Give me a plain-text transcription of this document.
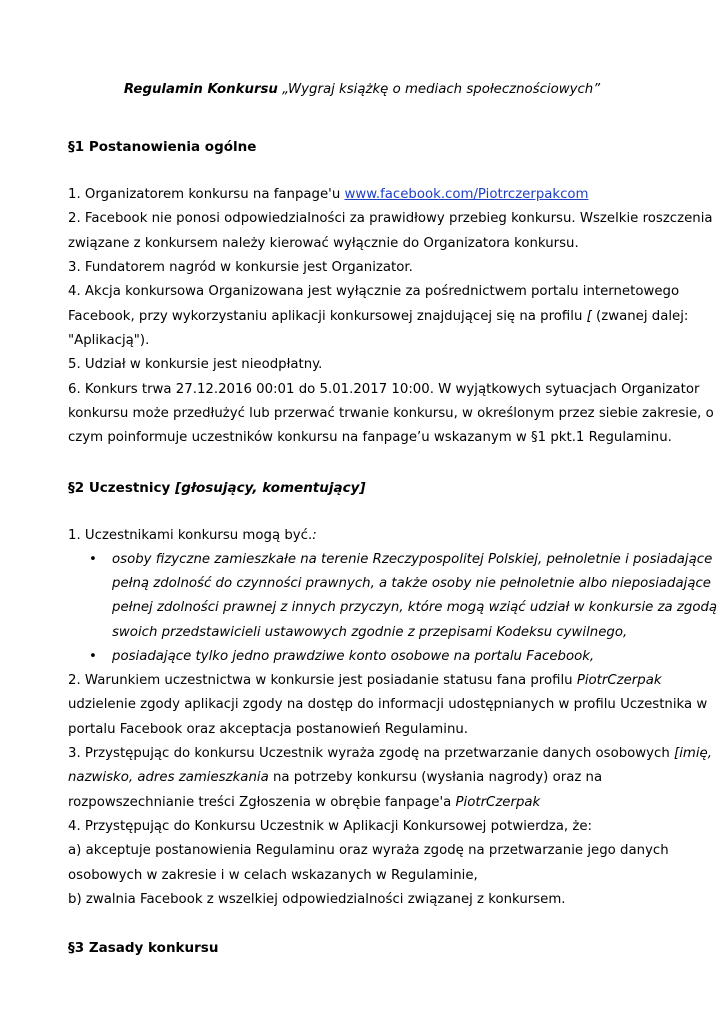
Regulamin Konkursu „Wygraj książkę o mediach społecznościowych”
§1 Postanowienia ogólne
1. Organizatorem konkursu na fanpage'u www.facebook.com/Piotrczerpakcom
2. Facebook nie ponosi odpowiedzialności za prawidłowy przebieg konkursu. Wszelkie roszczenia
związane z konkursem należy kierować wyłącznie do Organizatora konkursu.
3. Fundatorem nagród w konkursie jest Organizator.
4. Akcja konkursowa Organizowana jest wyłącznie za pośrednictwem portalu internetowego
Facebook, przy wykorzystaniu aplikacji konkursowej znajdującej się na profilu [ (zwanej dalej:
"Aplikacją").
5. Udział w konkursie jest nieodpłatny.
6. Konkurs trwa 27.12.2016 00:01 do 5.01.2017 10:00. W wyjątkowych sytuacjach Organizator
konkursu może przedłużyć lub przerwać trwanie konkursu, w określonym przez siebie zakresie, o
czym poinformuje uczestników konkursu na fanpage’u wskazanym w §1 pkt.1 Regulaminu.
§2 Uczestnicy [głosujący, komentujący]
1. Uczestnikami konkursu mogą być.:
• osoby fizyczne zamieszkałe na terenie Rzeczypospolitej Polskiej, pełnoletnie i posiadające
pełną zdolność do czynności prawnych, a także osoby nie pełnoletnie albo nieposiadające
pełnej zdolności prawnej z innych przyczyn, które mogą wziąć udział w konkursie za zgodą
swoich przedstawicieli ustawowych zgodnie z przepisami Kodeksu cywilnego,
• posiadające tylko jedno prawdziwe konto osobowe na portalu Facebook,
2. Warunkiem uczestnictwa w konkursie jest posiadanie statusu fana profilu PiotrCzerpak
udzielenie zgody aplikacji zgody na dostęp do informacji udostępnianych w profilu Uczestnika w
portalu Facebook oraz akceptacja postanowień Regulaminu.
3. Przystępując do konkursu Uczestnik wyraża zgodę na przetwarzanie danych osobowych [imię,
nazwisko, adres zamieszkania na potrzeby konkursu (wysłania nagrody) oraz na
rozpowszechnianie treści Zgłoszenia w obrębie fanpage'a PiotrCzerpak
4. Przystępując do Konkursu Uczestnik w Aplikacji Konkursowej potwierdza, że:
a) akceptuje postanowienia Regulaminu oraz wyraża zgodę na przetwarzanie jego danych
osobowych w zakresie i w celach wskazanych w Regulaminie,
b) zwalnia Facebook z wszelkiej odpowiedzialności związanej z konkursem.
§3 Zasady konkursu
